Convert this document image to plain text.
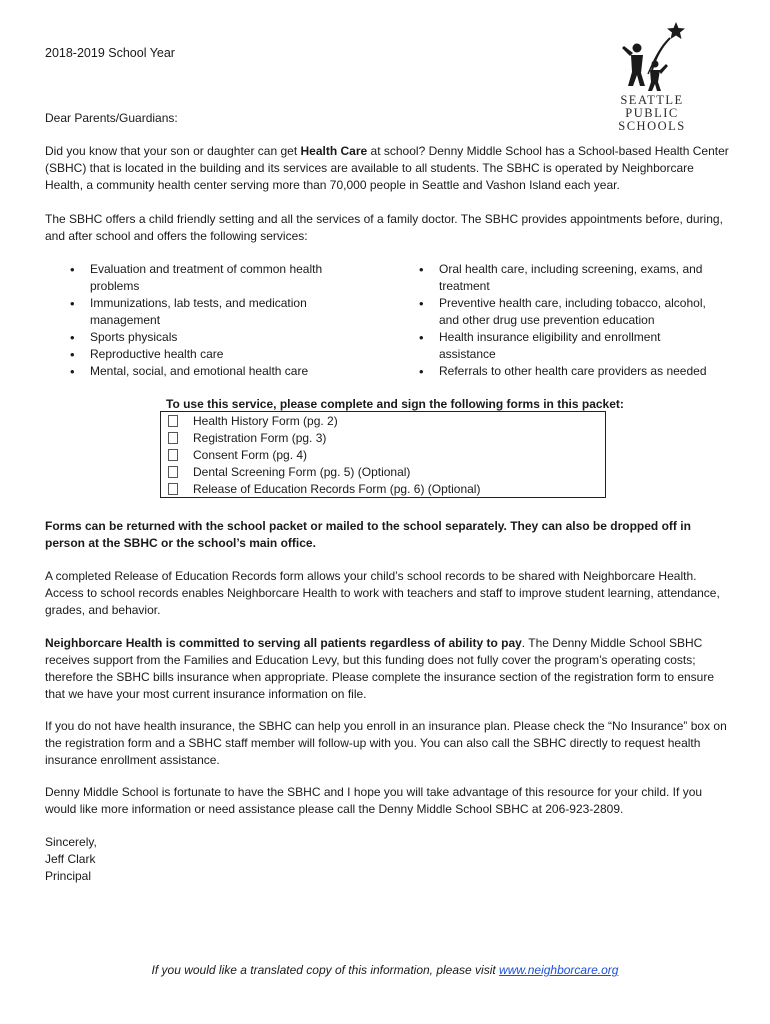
2018-2019 School Year
SEATTLE
PUBLIC
SCHOOLS
Dear Parents/Guardians:

Did you know that your son or daughter can get Health Care at school? Denny Middle School has a School-based Health Center (SBHC) that is located in the building and its services are available to all students. The SBHC is operated by Neighborcare Health, a community health center serving more than 70,000 people in Seattle and Vashon Island each year.

The SBHC offers a child friendly setting and all the services of a family doctor. The SBHC provides appointments before, during, and after school and offers the following services:

• Evaluation and treatment of common health problems
• Immunizations, lab tests, and medication management
• Sports physicals
• Reproductive health care
• Mental, social, and emotional health care
• Oral health care, including screening, exams, and treatment
• Preventive health care, including tobacco, alcohol, and other drug use prevention education
• Health insurance eligibility and enrollment assistance
• Referrals to other health care providers as needed
To use this service, please complete and sign the following forms in this packet:
Health History Form (pg. 2)
Registration Form (pg. 3)
Consent Form (pg. 4)
Dental Screening Form (pg. 5) (Optional)
Release of Education Records Form (pg. 6) (Optional)

Forms can be returned with the school packet or mailed to the school separately. They can also be dropped off in person at the SBHC or the school’s main office.

A completed Release of Education Records form allows your child’s school records to be shared with Neighborcare Health. Access to school records enables Neighborcare Health to work with teachers and staff to improve student learning, attendance, grades, and behavior.

Neighborcare Health is committed to serving all patients regardless of ability to pay. The Denny Middle School SBHC receives support from the Families and Education Levy, but this funding does not fully cover the program’s operating costs; therefore the SBHC bills insurance when appropriate. Please complete the insurance section of the registration form to ensure that we have your most current insurance information on file.

If you do not have health insurance, the SBHC can help you enroll in an insurance plan. Please check the “No Insurance” box on the registration form and a SBHC staff member will follow-up with you. You can also call the SBHC directly to request health insurance enrollment assistance.

Denny Middle School is fortunate to have the SBHC and I hope you will take advantage of this resource for your child. If you would like more information or need assistance please call the Denny Middle School SBHC at 206-923-2809.

Sincerely,
Jeff Clark
Principal
If you would like a translated copy of this information, please visit www.neighborcare.org
